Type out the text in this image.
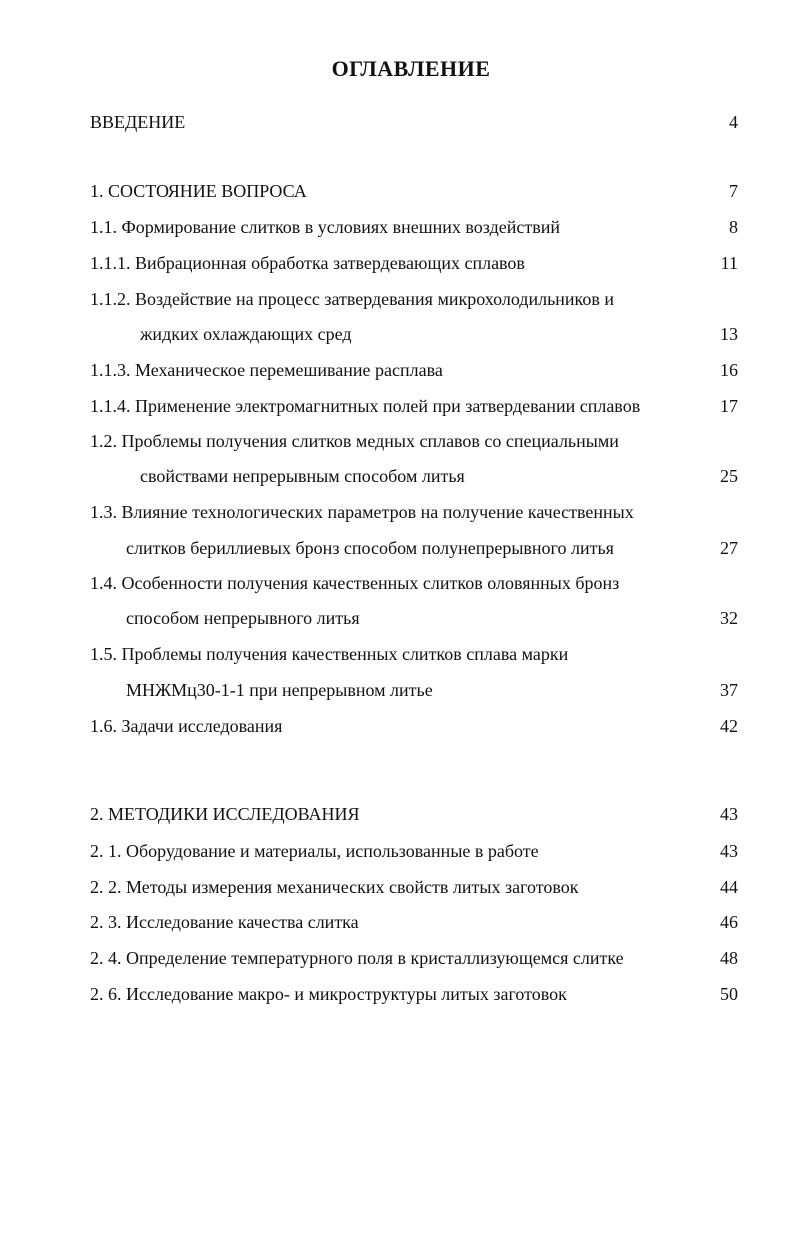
ОГЛАВЛЕНИЕ
ВВЕДЕНИЕ	4
1. СОСТОЯНИЕ ВОПРОСА	7
1.1. Формирование слитков в условиях внешних воздействий	8
1.1.1. Вибрационная обработка затвердевающих сплавов	11
1.1.2. Воздействие на процесс затвердевания микрохолодильников и
жидких охлаждающих сред	13
1.1.3. Механическое перемешивание расплава	16
1.1.4. Применение электромагнитных полей при затвердевании сплавов	17
1.2. Проблемы получения слитков медных сплавов со специальными
свойствами непрерывным способом литья	25
1.3. Влияние технологических параметров на получение качественных
слитков бериллиевых бронз способом полунепрерывного литья	27
1.4. Особенности получения качественных слитков оловянных бронз
способом непрерывного литья	32
1.5. Проблемы получения качественных слитков сплава марки
МНЖМц30-1-1 при непрерывном литье	37
1.6. Задачи исследования	42
2. МЕТОДИКИ ИССЛЕДОВАНИЯ	43
2. 1. Оборудование и материалы, использованные в работе	43
2. 2. Методы измерения механических свойств литых заготовок	44
2. 3. Исследование качества слитка	46
2. 4. Определение температурного поля в кристаллизующемся слитке	48
2. 6. Исследование макро- и микроструктуры литых заготовок	50
